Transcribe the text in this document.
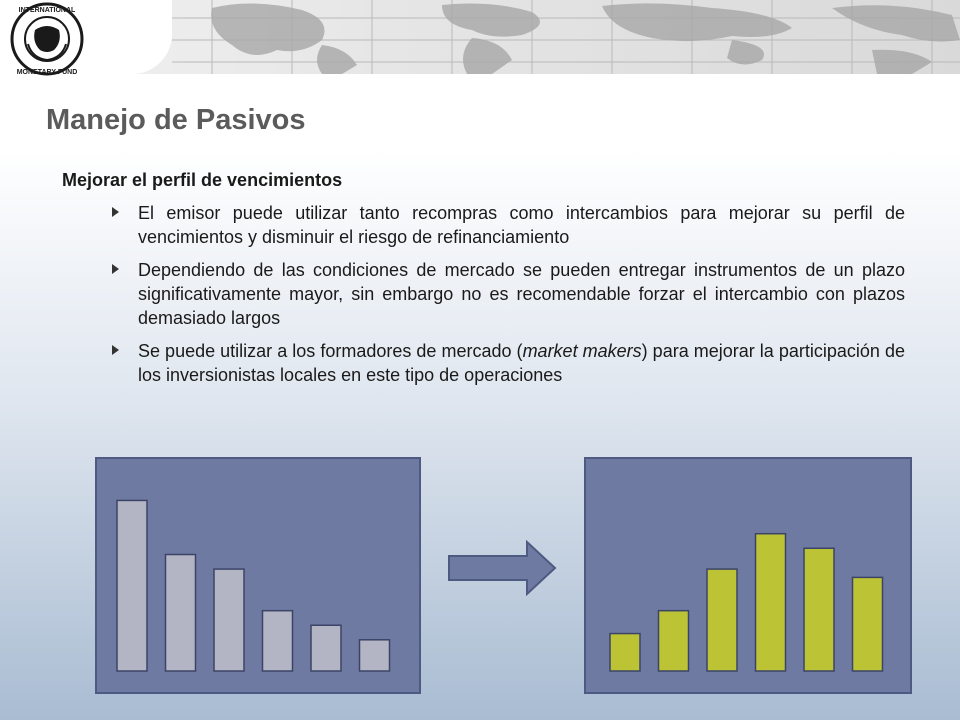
INTERNATIONAL
MONETARY FUND
Manejo de Pasivos
Mejorar el perfil de vencimientos
El emisor puede utilizar tanto recompras como intercambios para mejorar su perfil de vencimientos y disminuir el riesgo de refinanciamiento
Dependiendo de las condiciones de mercado se pueden entregar instrumentos de un plazo significativamente mayor, sin embargo no es recomendable forzar el intercambio con plazos demasiado largos
Se puede utilizar a los formadores de mercado (market makers) para mejorar la participación de los inversionistas locales en este tipo de operaciones
